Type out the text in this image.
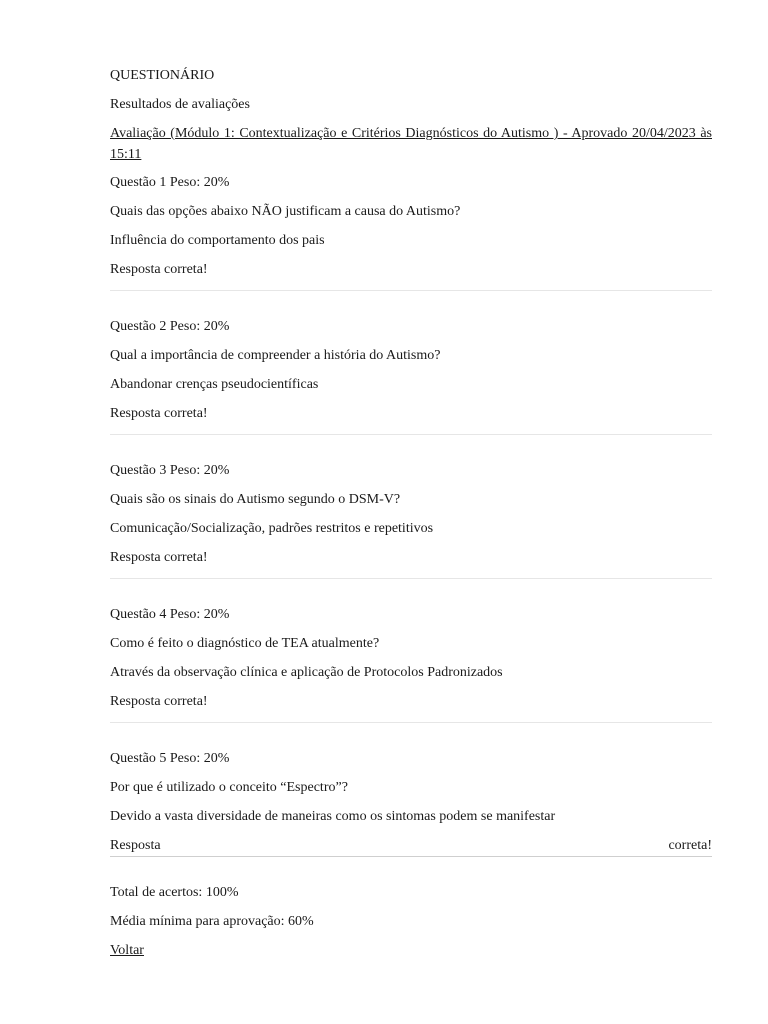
QUESTIONÁRIO
Resultados de avaliações
Avaliação (Módulo 1: Contextualização e Critérios Diagnósticos do Autismo ) - Aprovado 20/04/2023 às 15:11
Questão 1 Peso: 20%
Quais das opções abaixo NÃO justificam a causa do Autismo?
Influência do comportamento dos pais
Resposta correta!
Questão 2 Peso: 20%
Qual a importância de compreender a história do Autismo?
Abandonar crenças pseudocientíficas
Resposta correta!
Questão 3 Peso: 20%
Quais são os sinais do Autismo segundo o DSM-V?
Comunicação/Socialização, padrões restritos e repetitivos
Resposta correta!
Questão 4 Peso: 20%
Como é feito o diagnóstico de TEA atualmente?
Através da observação clínica e aplicação de Protocolos Padronizados
Resposta correta!
Questão 5 Peso: 20%
Por que é utilizado o conceito “Espectro”?
Devido a vasta diversidade de maneiras como os sintomas podem se manifestar
Resposta	correta!
Total de acertos: 100%
Média mínima para aprovação: 60%
Voltar
